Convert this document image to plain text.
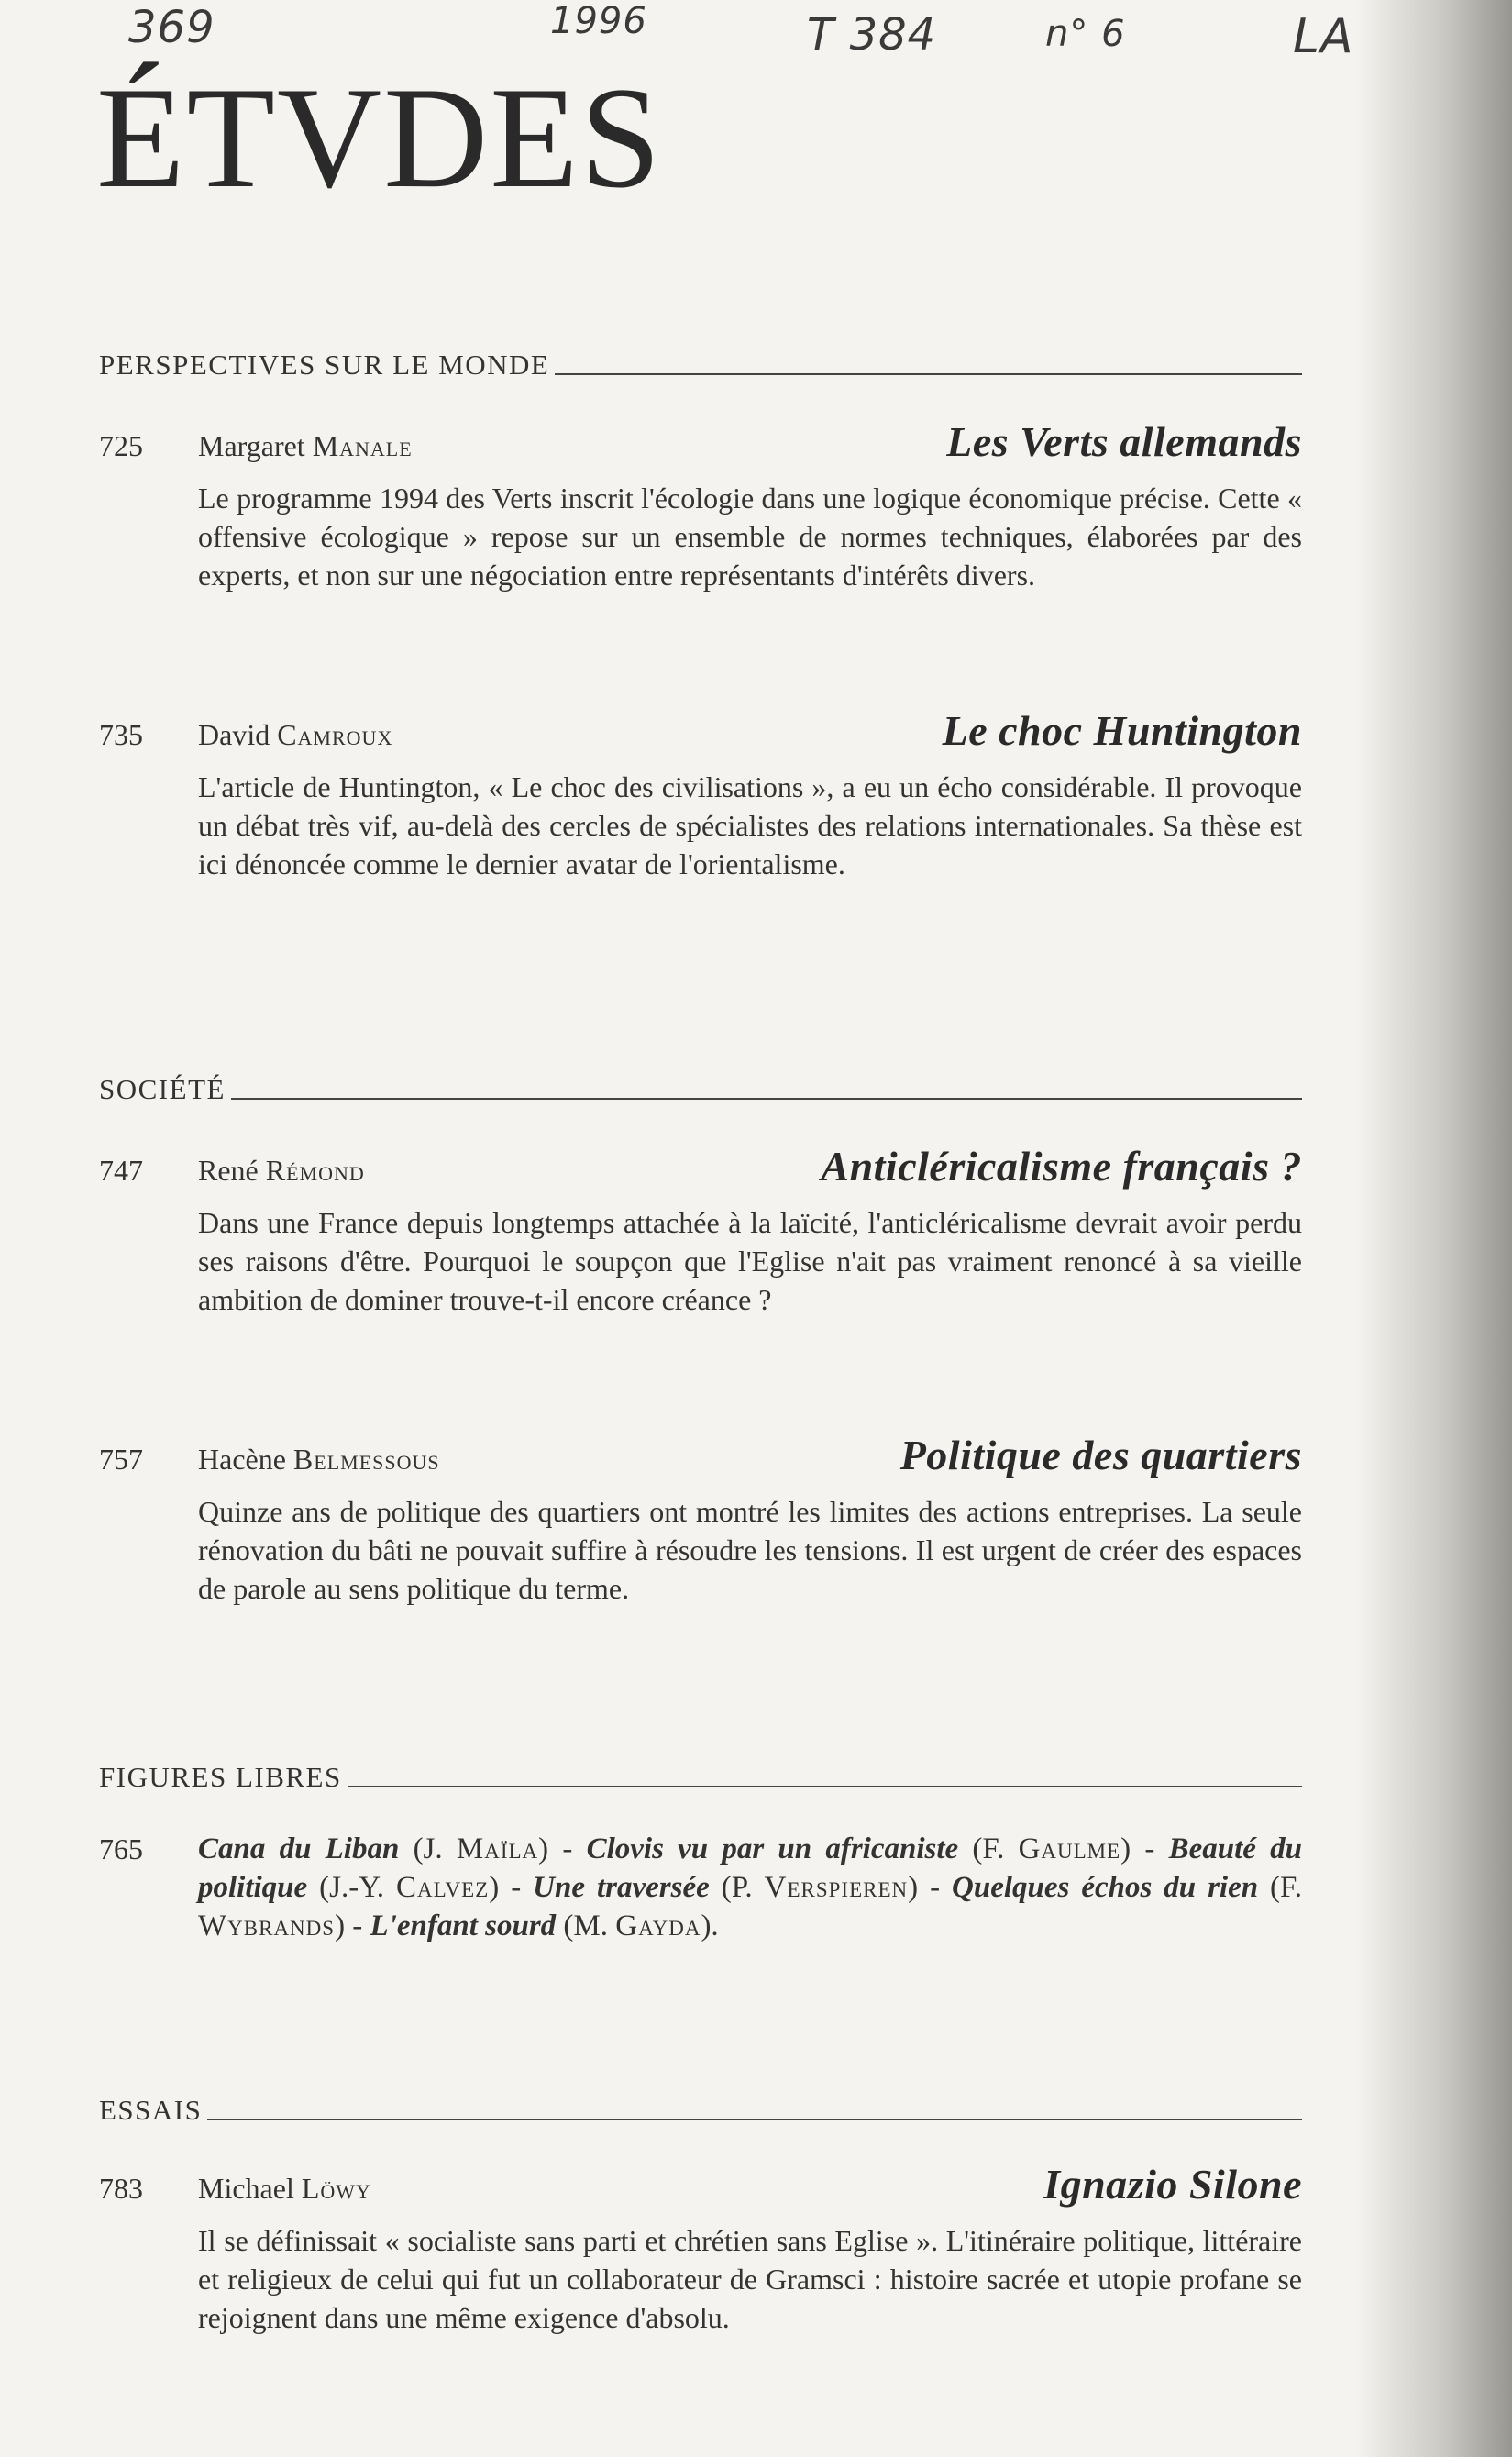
369	1996	T 384	n° 6	LA
ÉTVDES
PERSPECTIVES SUR LE MONDE
725	Margaret Manale	Les Verts allemands
Le programme 1994 des Verts inscrit l'écologie dans une logique économique précise. Cette « offensive écologique » repose sur un ensemble de normes techniques, élaborées par des experts, et non sur une négociation entre représentants d'intérêts divers.
735	David Camroux	Le choc Huntington
L'article de Huntington, « Le choc des civilisations », a eu un écho considérable. Il provoque un débat très vif, au-delà des cercles de spécialistes des relations internationales. Sa thèse est ici dénoncée comme le dernier avatar de l'orientalisme.
SOCIÉTÉ
747	René Rémond	Anticléricalisme français ?
Dans une France depuis longtemps attachée à la laïcité, l'anticléricalisme devrait avoir perdu ses raisons d'être. Pourquoi le soupçon que l'Eglise n'ait pas vraiment renoncé à sa vieille ambition de dominer trouve-t-il encore créance ?
757	Hacène Belmessous	Politique des quartiers
Quinze ans de politique des quartiers ont montré les limites des actions entreprises. La seule rénovation du bâti ne pouvait suffire à résoudre les tensions. Il est urgent de créer des espaces de parole au sens politique du terme.
FIGURES LIBRES
765	Cana du Liban (J. Maïla) - Clovis vu par un africaniste (F. Gaulme) - Beauté du politique (J.-Y. Calvez) - Une traversée (P. Verspieren) - Quelques échos du rien (F. Wybrands) - L'enfant sourd (M. Gayda).
ESSAIS
783	Michael Löwy	Ignazio Silone
Il se définissait « socialiste sans parti et chrétien sans Eglise ». L'itinéraire politique, littéraire et religieux de celui qui fut un collaborateur de Gramsci : histoire sacrée et utopie profane se rejoignent dans une même exigence d'absolu.
